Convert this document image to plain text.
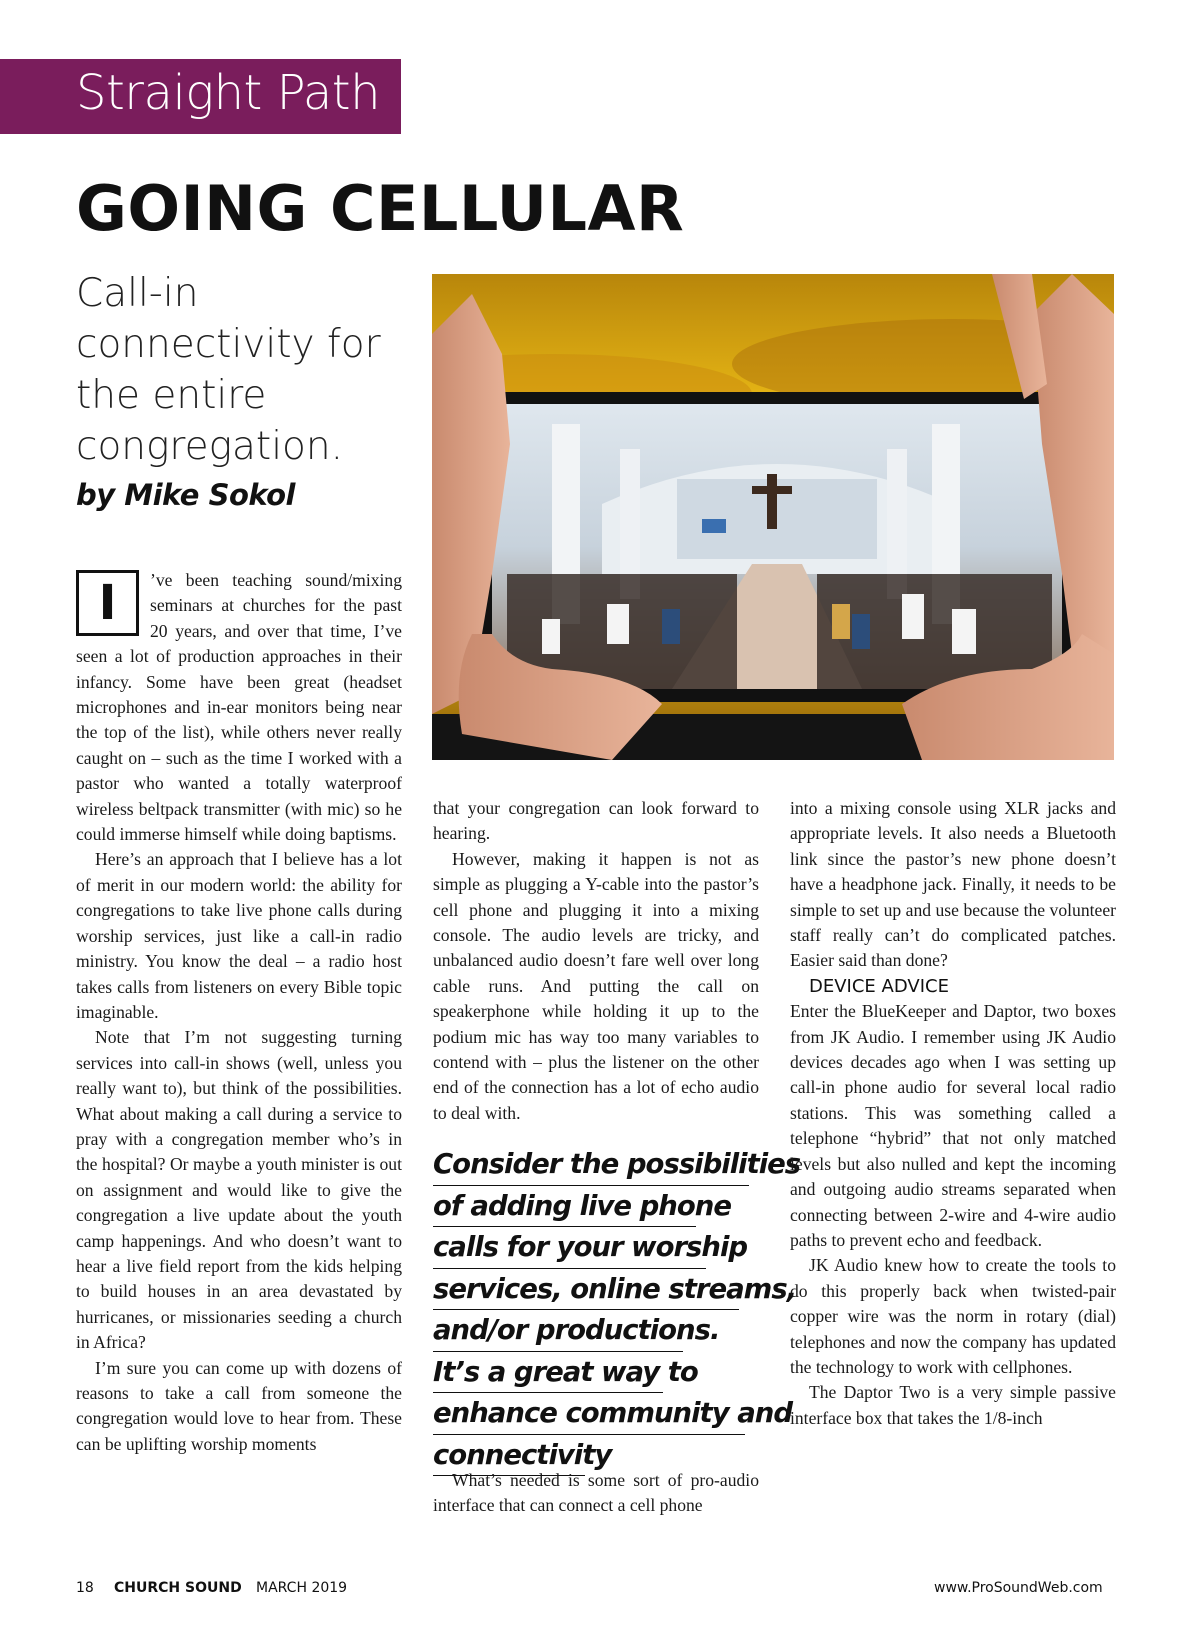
Straight Path
GOING CELLULAR
Call-in connectivity for the entire congregation.
by Mike Sokol

I	’ve been teaching sound/mixing seminars at churches for the past 20 years, and over that time, I’ve seen a lot of production approaches in their infancy. Some have been great (headset microphones and in-ear monitors being near the top of the list), while others never really caught on – such as the time I worked with a pastor who wanted a totally waterproof wireless beltpack transmitter (with mic) so he could immerse himself while doing baptisms.

Here’s an approach that I believe has a lot of merit in our modern world: the ability for congregations to take live phone calls during worship services, just like a call-in radio ministry. You know the deal – a radio host takes calls from listeners on every Bible topic imaginable.

Note that I’m not suggesting turning services into call-in shows (well, unless you really want to), but think of the possibilities. What about making a call during a service to pray with a congregation member who’s in the hospital? Or maybe a youth minister is out on assignment and would like to give the congregation a live update about the youth camp happenings. And who doesn’t want to hear a live field report from the kids helping to build houses in an area devastated by hurricanes, or missionaries seeding a church in Africa?

I’m sure you can come up with dozens of reasons to take a call from someone the congregation would love to hear from. These can be uplifting worship moments

that your congregation can look forward to hearing.

However, making it happen is not as simple as plugging a Y-cable into the pastor’s cell phone and plugging it into a mixing console. The audio levels are tricky, and unbalanced audio doesn’t fare well over long cable runs. And putting the call on speakerphone while holding it up to the podium mic has way too many variables to contend with – plus the listener on the other end of the connection has a lot of echo audio to deal with.

Consider the possibilities
of adding live phone
calls for your worship
services, online streams,
and/or productions.
It’s a great way to
enhance community and
connectivity

What’s needed is some sort of pro-audio interface that can connect a cell phone

into a mixing console using XLR jacks and appropriate levels. It also needs a Bluetooth link since the pastor’s new phone doesn’t have a headphone jack. Finally, it needs to be simple to set up and use because the volunteer staff really can’t do complicated patches. Easier said than done?

DEVICE ADVICE

Enter the BlueKeeper and Daptor, two boxes from JK Audio. I remember using JK Audio devices decades ago when I was setting up call-in phone audio for several local radio stations. This was something called a telephone “hybrid” that not only matched levels but also nulled and kept the incoming and outgoing audio streams separated when connecting between 2-wire and 4-wire audio paths to prevent echo and feedback.

JK Audio knew how to create the tools to do this properly back when twisted-pair copper wire was the norm in rotary (dial) telephones and now the company has updated the technology to work with cellphones.

The Daptor Two is a very simple passive interface box that takes the 1/8-inch

18 CHURCH SOUND MARCH 2019	www.ProSoundWeb.com
